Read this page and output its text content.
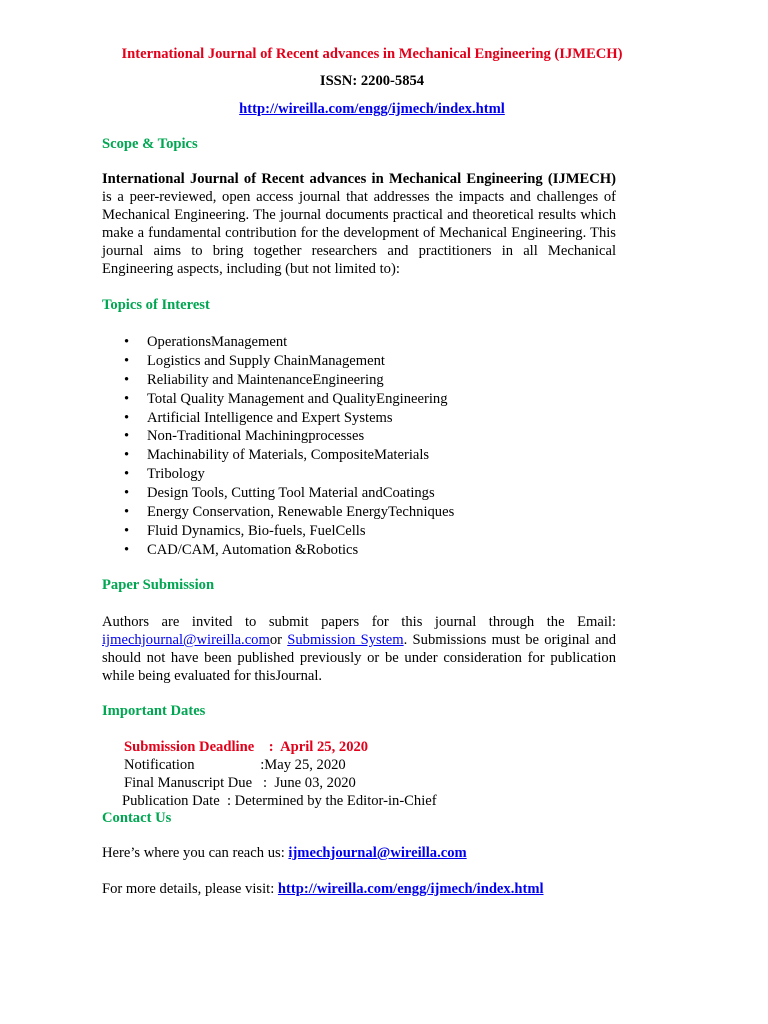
International Journal of Recent advances in Mechanical Engineering (IJMECH)
ISSN: 2200-5854
http://wireilla.com/engg/ijmech/index.html
Scope & Topics

International Journal of Recent advances in Mechanical Engineering (IJMECH) is a peer-reviewed, open access journal that addresses the impacts and challenges of Mechanical Engineering. The journal documents practical and theoretical results which make a fundamental contribution for the development of Mechanical Engineering. This journal aims to bring together researchers and practitioners in all Mechanical Engineering aspects, including (but not limited to):

Topics of Interest
• OperationsManagement
• Logistics and Supply ChainManagement
• Reliability and MaintenanceEngineering
• Total Quality Management and QualityEngineering
• Artificial Intelligence and Expert Systems
• Non-Traditional Machiningprocesses
• Machinability of Materials, CompositeMaterials
• Tribology
• Design Tools, Cutting Tool Material andCoatings
• Energy Conservation, Renewable EnergyTechniques
• Fluid Dynamics, Bio-fuels, FuelCells
• CAD/CAM, Automation &Robotics
Paper Submission

Authors are invited to submit papers for this journal through the Email: ijmechjournal@wireilla.comor Submission System. Submissions must be original and should not have been published previously or be under consideration for publication while being evaluated for thisJournal.

Important Dates
Submission Deadline    :  April 25, 2020
Notification                  :May 25, 2020
Final Manuscript Due   :  June 03, 2020
Publication Date  : Determined by the Editor-in-Chief
Contact Us
Here’s where you can reach us: ijmechjournal@wireilla.com
For more details, please visit: http://wireilla.com/engg/ijmech/index.html
